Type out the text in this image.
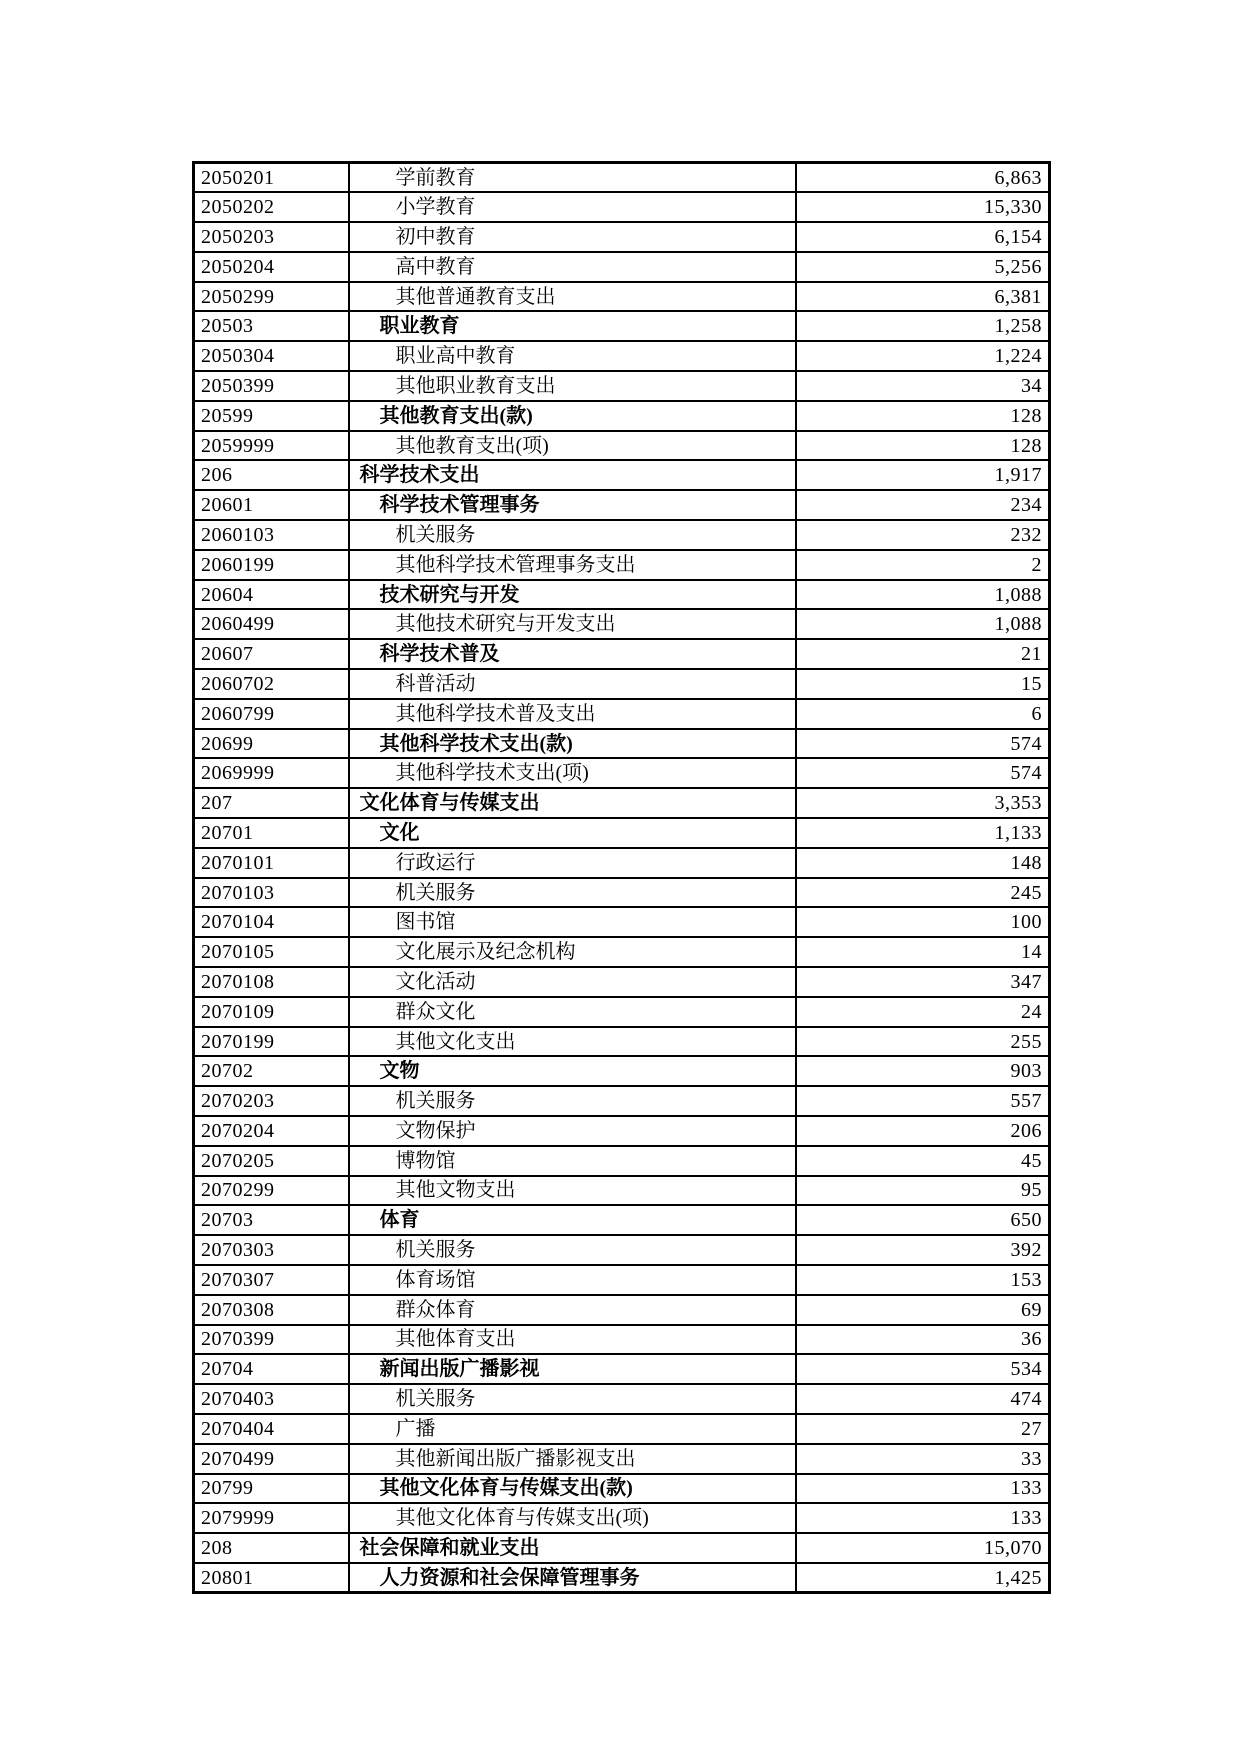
2050201	学前教育	6,863
2050202	小学教育	15,330
2050203	初中教育	6,154
2050204	高中教育	5,256
2050299	其他普通教育支出	6,381
20503	职业教育	1,258
2050304	职业高中教育	1,224
2050399	其他职业教育支出	34
20599	其他教育支出(款)	128
2059999	其他教育支出(项)	128
206	科学技术支出	1,917
20601	科学技术管理事务	234
2060103	机关服务	232
2060199	其他科学技术管理事务支出	2
20604	技术研究与开发	1,088
2060499	其他技术研究与开发支出	1,088
20607	科学技术普及	21
2060702	科普活动	15
2060799	其他科学技术普及支出	6
20699	其他科学技术支出(款)	574
2069999	其他科学技术支出(项)	574
207	文化体育与传媒支出	3,353
20701	文化	1,133
2070101	行政运行	148
2070103	机关服务	245
2070104	图书馆	100
2070105	文化展示及纪念机构	14
2070108	文化活动	347
2070109	群众文化	24
2070199	其他文化支出	255
20702	文物	903
2070203	机关服务	557
2070204	文物保护	206
2070205	博物馆	45
2070299	其他文物支出	95
20703	体育	650
2070303	机关服务	392
2070307	体育场馆	153
2070308	群众体育	69
2070399	其他体育支出	36
20704	新闻出版广播影视	534
2070403	机关服务	474
2070404	广播	27
2070499	其他新闻出版广播影视支出	33
20799	其他文化体育与传媒支出(款)	133
2079999	其他文化体育与传媒支出(项)	133
208	社会保障和就业支出	15,070
20801	人力资源和社会保障管理事务	1,425
